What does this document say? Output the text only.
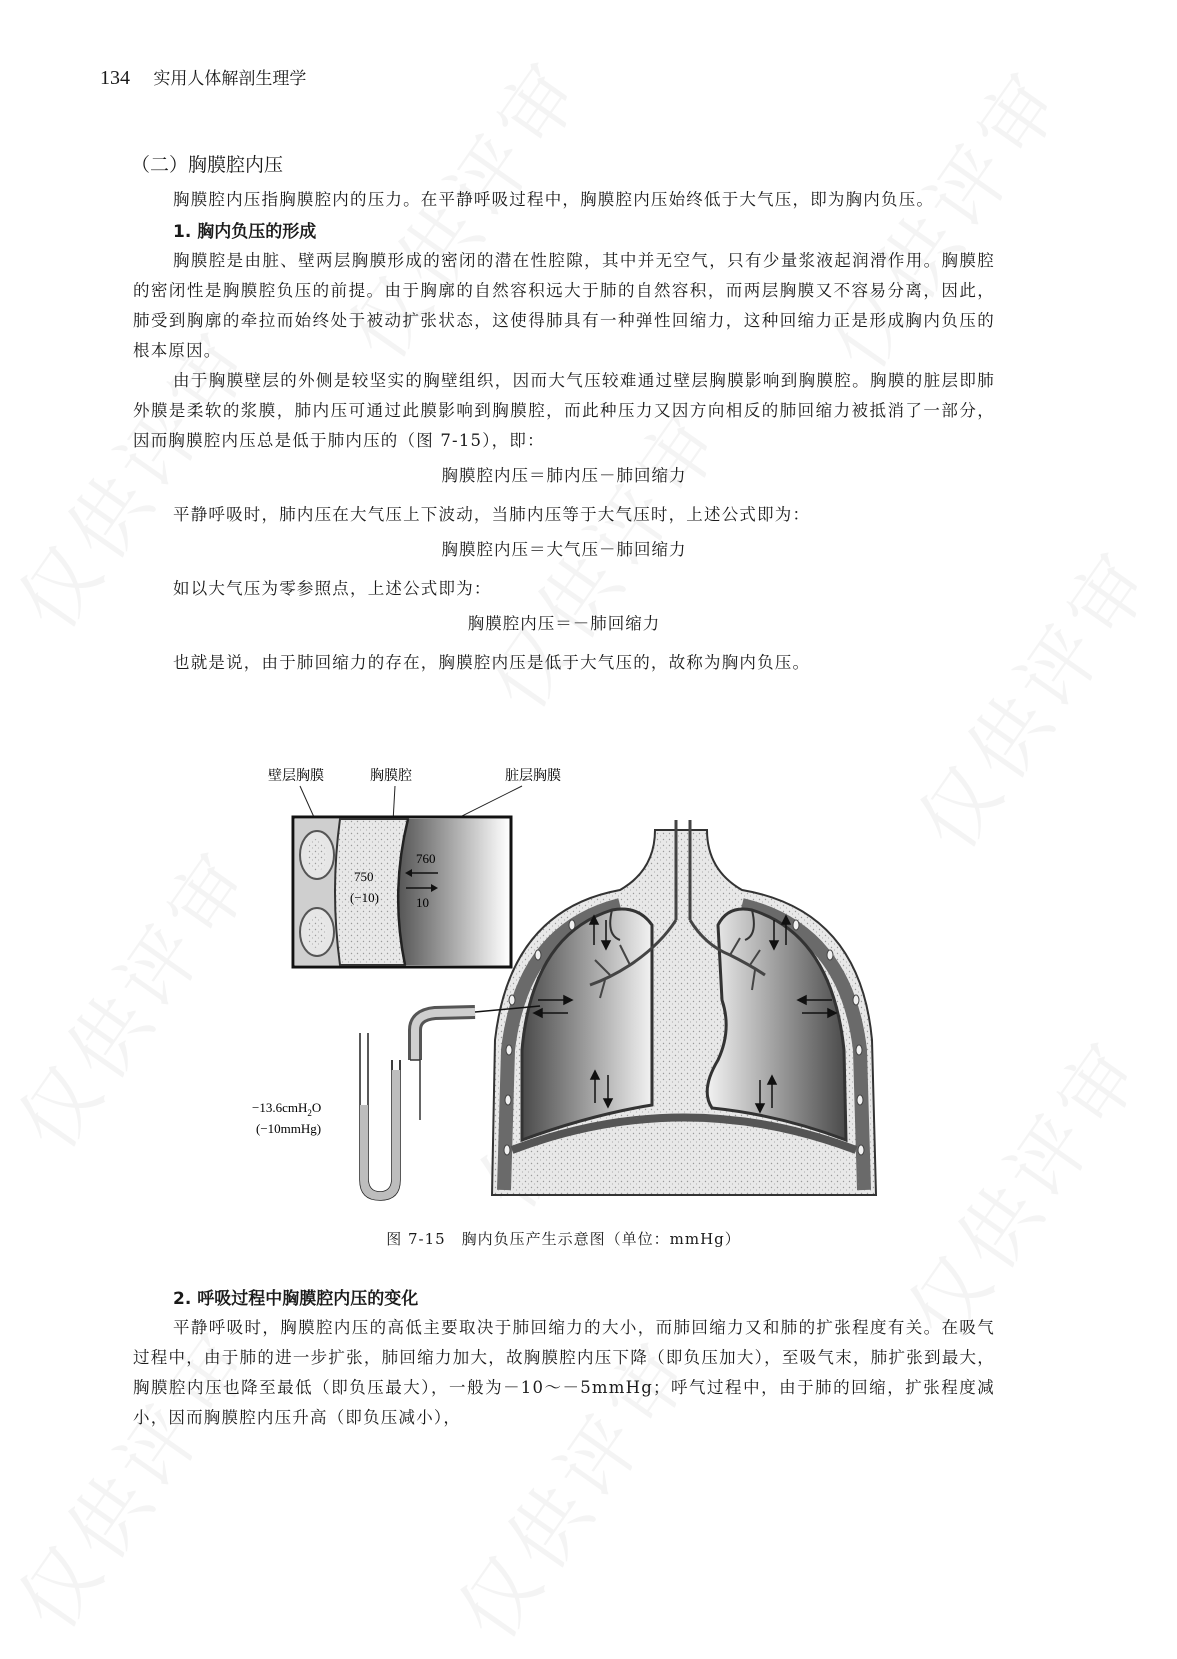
134 实用人体解剖生理学
（二）胸膜腔内压

胸膜腔内压指胸膜腔内的压力。在平静呼吸过程中，胸膜腔内压始终低于大气压，即为胸内负压。

1. 胸内负压的形成

胸膜腔是由脏、壁两层胸膜形成的密闭的潜在性腔隙，其中并无空气，只有少量浆液起润滑作用。胸膜腔的密闭性是胸膜腔负压的前提。由于胸廓的自然容积远大于肺的自然容积，而两层胸膜又不容易分离，因此，肺受到胸廓的牵拉而始终处于被动扩张状态，这使得肺具有一种弹性回缩力，这种回缩力正是形成胸内负压的根本原因。

由于胸膜壁层的外侧是较坚实的胸壁组织，因而大气压较难通过壁层胸膜影响到胸膜腔。胸膜的脏层即肺外膜是柔软的浆膜，肺内压可通过此膜影响到胸膜腔，而此种压力又因方向相反的肺回缩力被抵消了一部分，因而胸膜腔内压总是低于肺内压的（图 7-15），即：

胸膜腔内压＝肺内压－肺回缩力

平静呼吸时，肺内压在大气压上下波动，当肺内压等于大气压时，上述公式即为：

胸膜腔内压＝大气压－肺回缩力

如以大气压为零参照点，上述公式即为：

胸膜腔内压＝－肺回缩力

也就是说，由于肺回缩力的存在，胸膜腔内压是低于大气压的，故称为胸内负压。

壁层胸膜	胸膜腔	脏层胸膜
750
(−10)
760
10
−13.6cmH$_2$O
(−10mmHg)
图 7-15　胸内负压产生示意图（单位：mmHg）
2. 呼吸过程中胸膜腔内压的变化

平静呼吸时，胸膜腔内压的高低主要取决于肺回缩力的大小，而肺回缩力又和肺的扩张程度有关。在吸气过程中，由于肺的进一步扩张，肺回缩力加大，故胸膜腔内压下降（即负压加大），至吸气末，肺扩张到最大，胸膜腔内压也降至最低（即负压最大），一般为－10～－5mmHg；呼气过程中，由于肺的回缩，扩张程度减小，因而胸膜腔内压升高（即负压减小），
